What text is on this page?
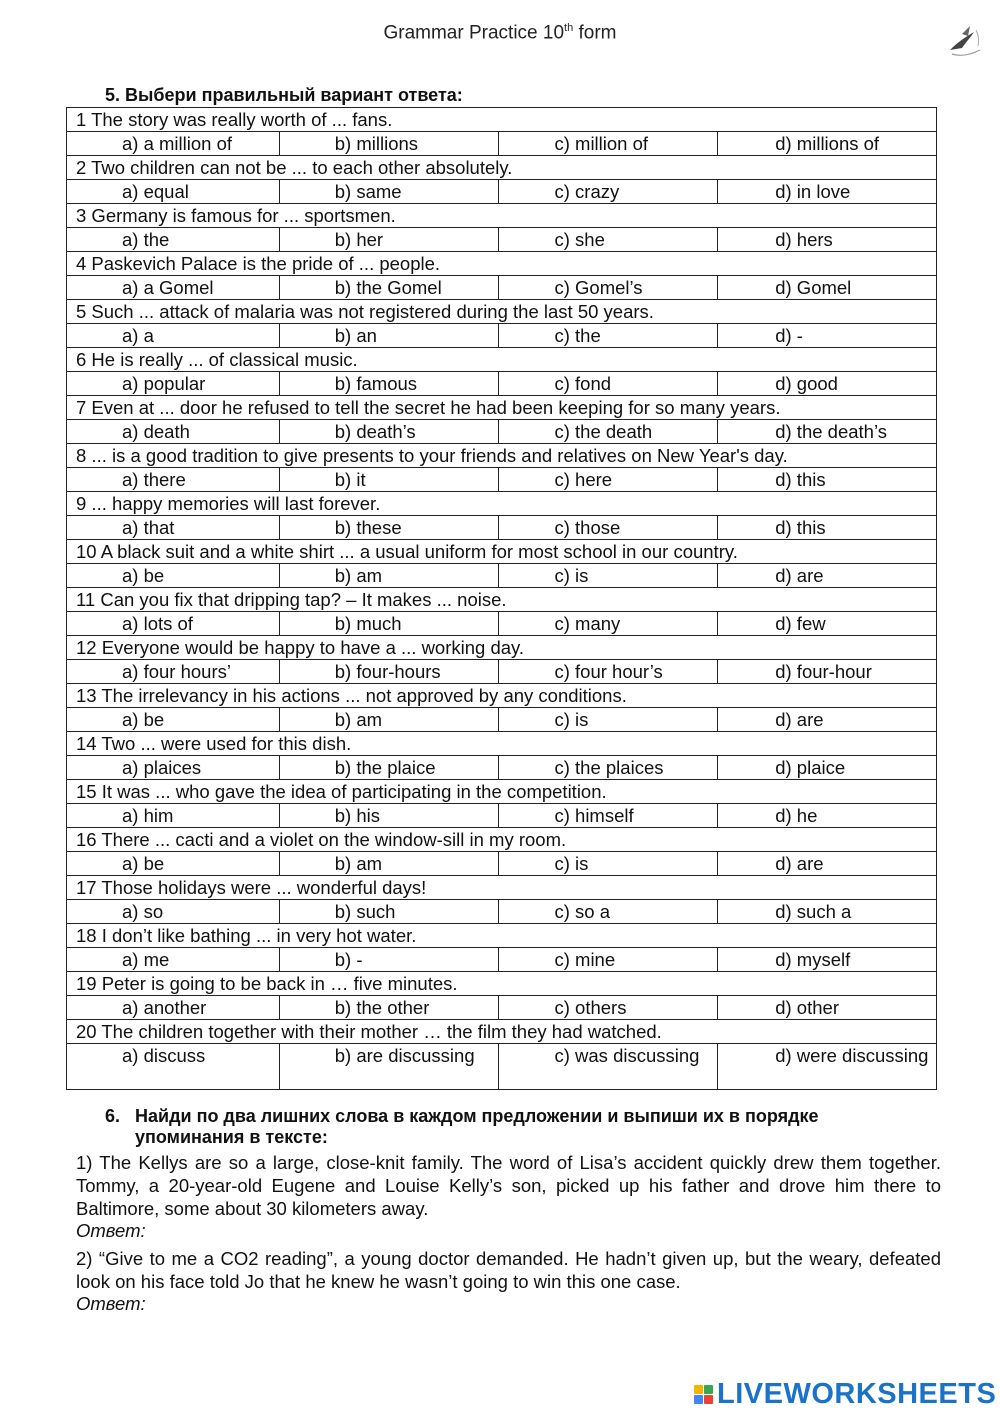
Grammar Practice 10th form
5. Выбери правильный вариант ответа:
1 The story was really worth of ... fans.			
a) a million of	b) millions	c) million of	d) millions of
2 Two children can not be ... to each other absolutely.			
a) equal	b) same	c) crazy	d) in love
3 Germany is famous for ... sportsmen.			
a) the	b) her	c) she	d) hers
4 Paskevich Palace is the pride of ... people.			
a) a Gomel	b) the Gomel	c) Gomel’s	d) Gomel
5 Such ... attack of malaria was not registered during the last 50 years.			
a) a	b) an	c) the	d) -
6 He is really ... of classical music.			
a) popular	b) famous	c) fond	d) good
7 Even at ... door he refused to tell the secret he had been keeping for so many years.			
a) death	b) death’s	c) the death	d) the death’s
8 ... is a good tradition to give presents to your friends and relatives on New Year's day.			
a) there	b) it	c) here	d) this
9 ... happy memories will last forever.			
a) that	b) these	c) those	d) this
10 A black suit and a white shirt ... a usual uniform for most school in our country.			
a) be	b) am	c) is	d) are
11 Can you fix that dripping tap? – It makes ... noise.			
a) lots of	b) much	c) many	d) few
12 Everyone would be happy to have a ... working day.			
a) four hours’	b) four-hours	c) four hour’s	d) four-hour
13 The irrelevancy in his actions ... not approved by any conditions.			
a) be	b) am	c) is	d) are
14 Two ... were used for this dish.			
a) plaices	b) the plaice	c) the plaices	d) plaice
15 It was ... who gave the idea of participating in the competition.			
a) him	b) his	c) himself	d) he
16 There ... cacti and a violet on the window-sill in my room.			
a) be	b) am	c) is	d) are
17 Those holidays were ... wonderful days!			
a) so	b) such	c) so a	d) such a
18 I don’t like bathing ... in very hot water.			
a) me	b) -	c) mine	d) myself
19 Peter is going to be back in … five minutes.			
a) another	b) the other	c) others	d) other
20 The children together with their mother … the film they had watched.			
a) discuss	b) are discussing	c) was discussing	d) were discussing
6. Найди по два лишних слова в каждом предложении и выпиши их в порядке
упоминания в тексте:
1) The Kellys are so a large, close-knit family. The word of Lisa’s accident quickly drew them together. Tommy, a 20-year-old Eugene and Louise Kelly’s son, picked up his father and drove him there to Baltimore, some about 30 kilometers away.
Ответ:
2) “Give to me a CO2 reading”, a young doctor demanded. He hadn’t given up, but the weary, defeated look on his face told Jo that he knew he wasn’t going to win this one case.
Ответ:
LIVEWORKSHEETS
